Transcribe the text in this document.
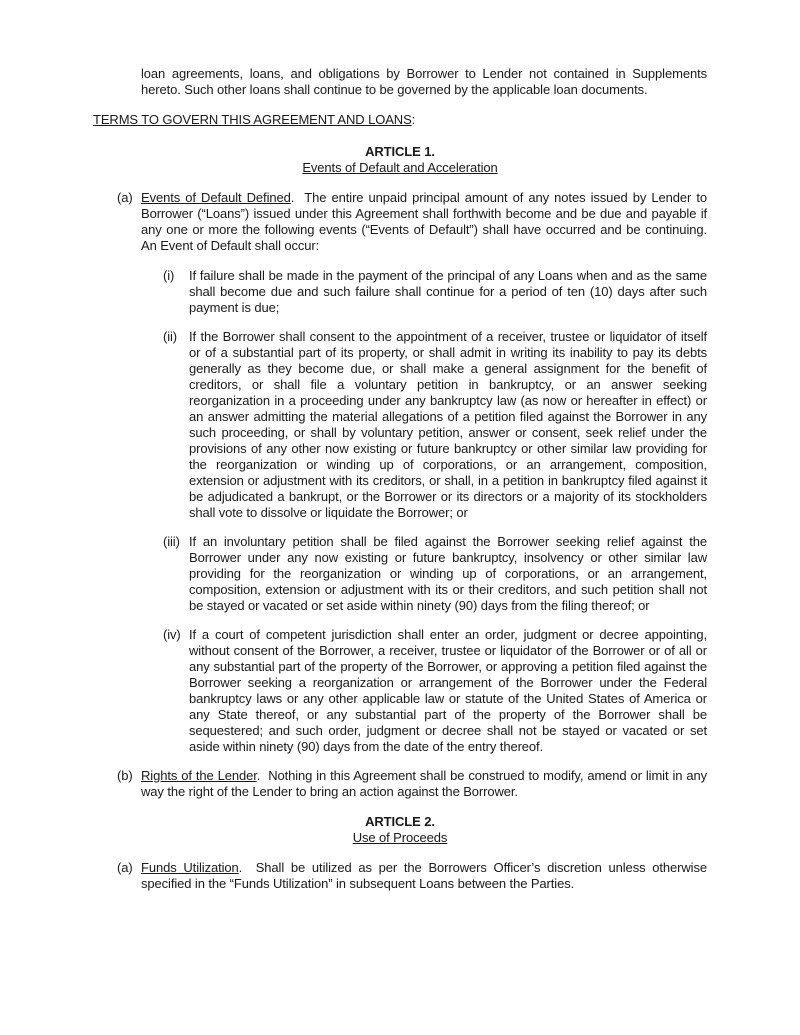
loan agreements, loans, and obligations by Borrower to Lender not contained in Supplements hereto. Such other loans shall continue to be governed by the applicable loan documents.

TERMS TO GOVERN THIS AGREEMENT AND LOANS:

ARTICLE 1.
Events of Default and Acceleration
(a) Events of Default Defined.  The entire unpaid principal amount of any notes issued by Lender to Borrower (“Loans”) issued under this Agreement shall forthwith become and be due and payable if any one or more the following events (“Events of Default”) shall have occurred and be continuing. An Event of Default shall occur:
(i)	If failure shall be made in the payment of the principal of any Loans when and as the same shall become due and such failure shall continue for a period of ten (10) days after such payment is due;
(ii) If the Borrower shall consent to the appointment of a receiver, trustee or liquidator of itself or of a substantial part of its property, or shall admit in writing its inability to pay its debts generally as they become due, or shall make a general assignment for the benefit of creditors, or shall file a voluntary petition in bankruptcy, or an answer seeking reorganization in a proceeding under any bankruptcy law (as now or hereafter in effect) or an answer admitting the material allegations of a petition filed against the Borrower in any such proceeding, or shall by voluntary petition, answer or consent, seek relief under the provisions of any other now existing or future bankruptcy or other similar law providing for the reorganization or winding up of corporations, or an arrangement, composition, extension or adjustment with its creditors, or shall, in a petition in bankruptcy filed against it be adjudicated a bankrupt, or the Borrower or its directors or a majority of its stockholders shall vote to dissolve or liquidate the Borrower; or
(iii) If an involuntary petition shall be filed against the Borrower seeking relief against the Borrower under any now existing or future bankruptcy, insolvency or other similar law providing for the reorganization or winding up of corporations, or an arrangement, composition, extension or adjustment with its or their creditors, and such petition shall not be stayed or vacated or set aside within ninety (90) days from the filing thereof; or
(iv) If a court of competent jurisdiction shall enter an order, judgment or decree appointing, without consent of the Borrower, a receiver, trustee or liquidator of the Borrower or of all or any substantial part of the property of the Borrower, or approving a petition filed against the Borrower seeking a reorganization or arrangement of the Borrower under the Federal bankruptcy laws or any other applicable law or statute of the United States of America or any State thereof, or any substantial part of the property of the Borrower shall be sequestered; and such order, judgment or decree shall not be stayed or vacated or set aside within ninety (90) days from the date of the entry thereof.
(b) Rights of the Lender.  Nothing in this Agreement shall be construed to modify, amend or limit in any way the right of the Lender to bring an action against the Borrower.
ARTICLE 2.
Use of Proceeds
(a) Funds Utilization.  Shall be utilized as per the Borrowers Officer’s discretion unless otherwise specified in the “Funds Utilization” in subsequent Loans between the Parties.
